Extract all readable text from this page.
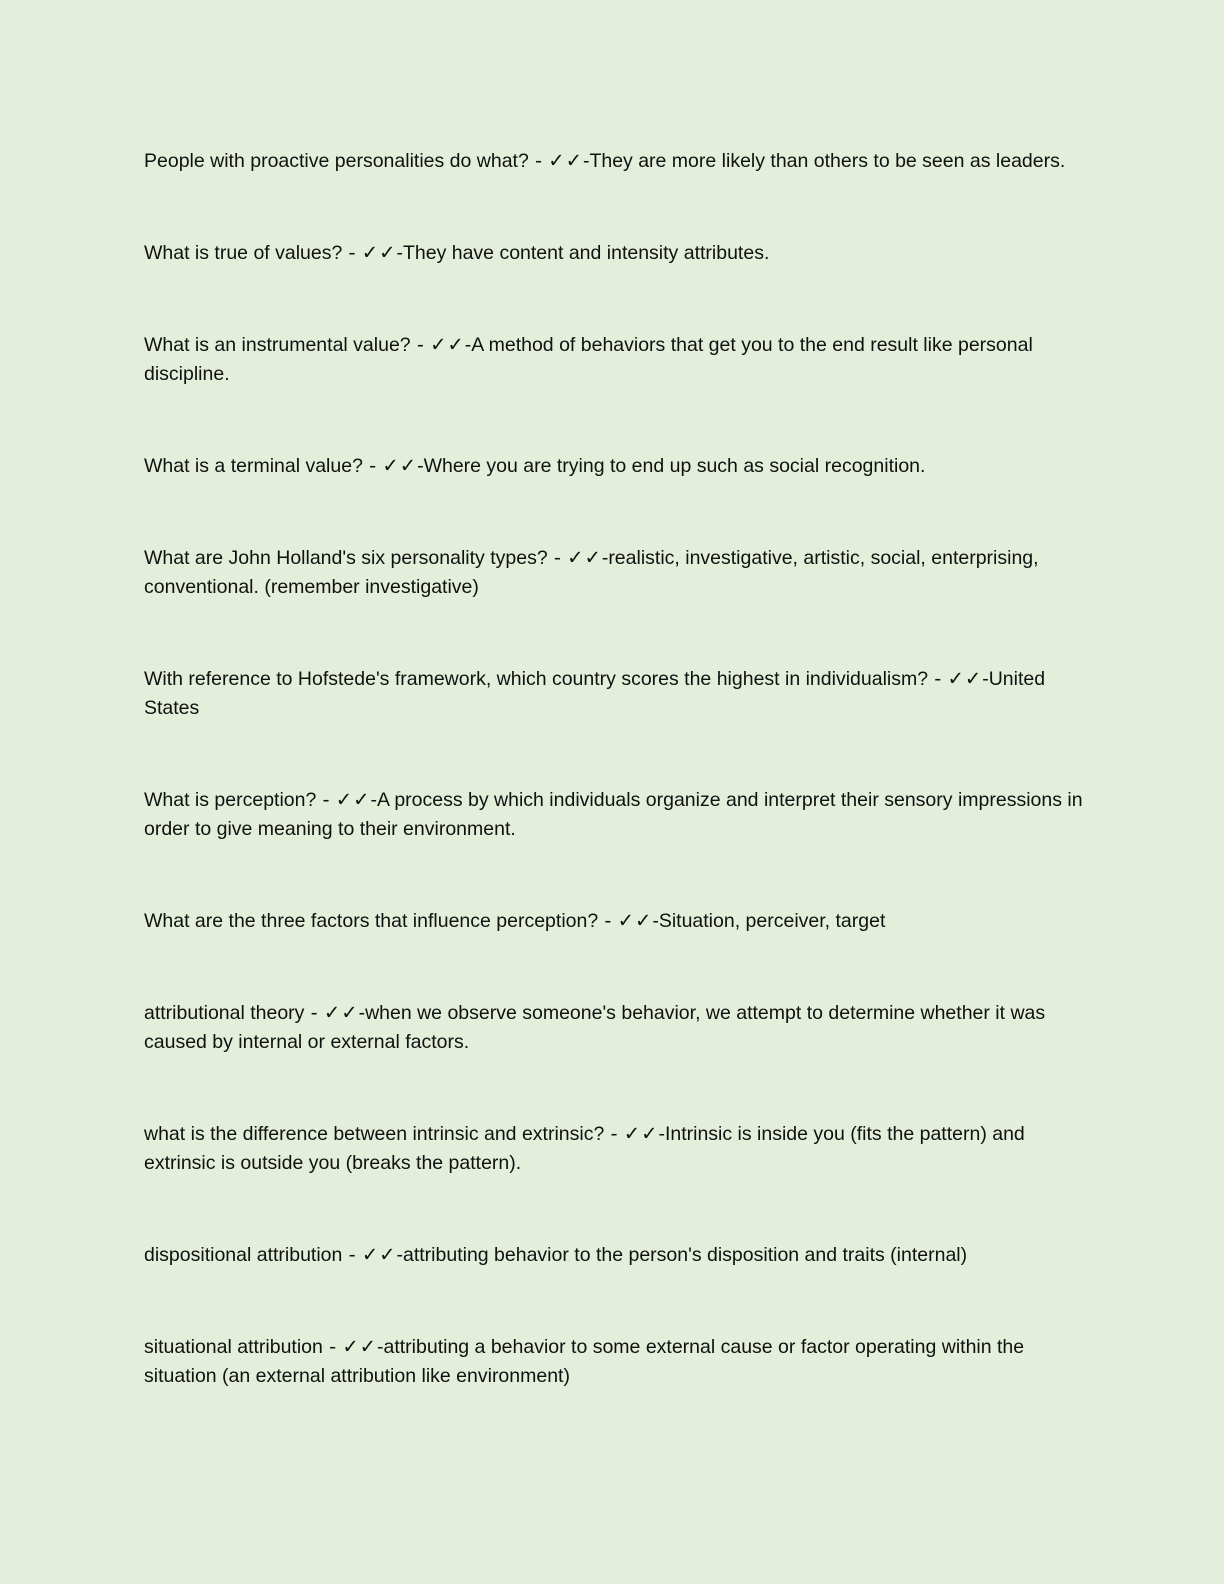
People with proactive personalities do what? - ✓✓-They are more likely than others to be seen as leaders.
What is true of values? - ✓✓-They have content and intensity attributes.
What is an instrumental value? - ✓✓-A method of behaviors that get you to the end result like personal discipline.
What is a terminal value? - ✓✓-Where you are trying to end up such as social recognition.
What are John Holland's six personality types? - ✓✓-realistic, investigative, artistic, social, enterprising, conventional. (remember investigative)
With reference to Hofstede's framework, which country scores the highest in individualism? - ✓✓-United States
What is perception? - ✓✓-A process by which individuals organize and interpret their sensory impressions in order to give meaning to their environment.
What are the three factors that influence perception? - ✓✓-Situation, perceiver, target
attributional theory - ✓✓-when we observe someone's behavior, we attempt to determine whether it was caused by internal or external factors.
what is the difference between intrinsic and extrinsic? - ✓✓-Intrinsic is inside you (fits the pattern) and extrinsic is outside you (breaks the pattern).
dispositional attribution - ✓✓-attributing behavior to the person's disposition and traits (internal)
situational attribution - ✓✓-attributing a behavior to some external cause or factor operating within the situation (an external attribution like environment)
